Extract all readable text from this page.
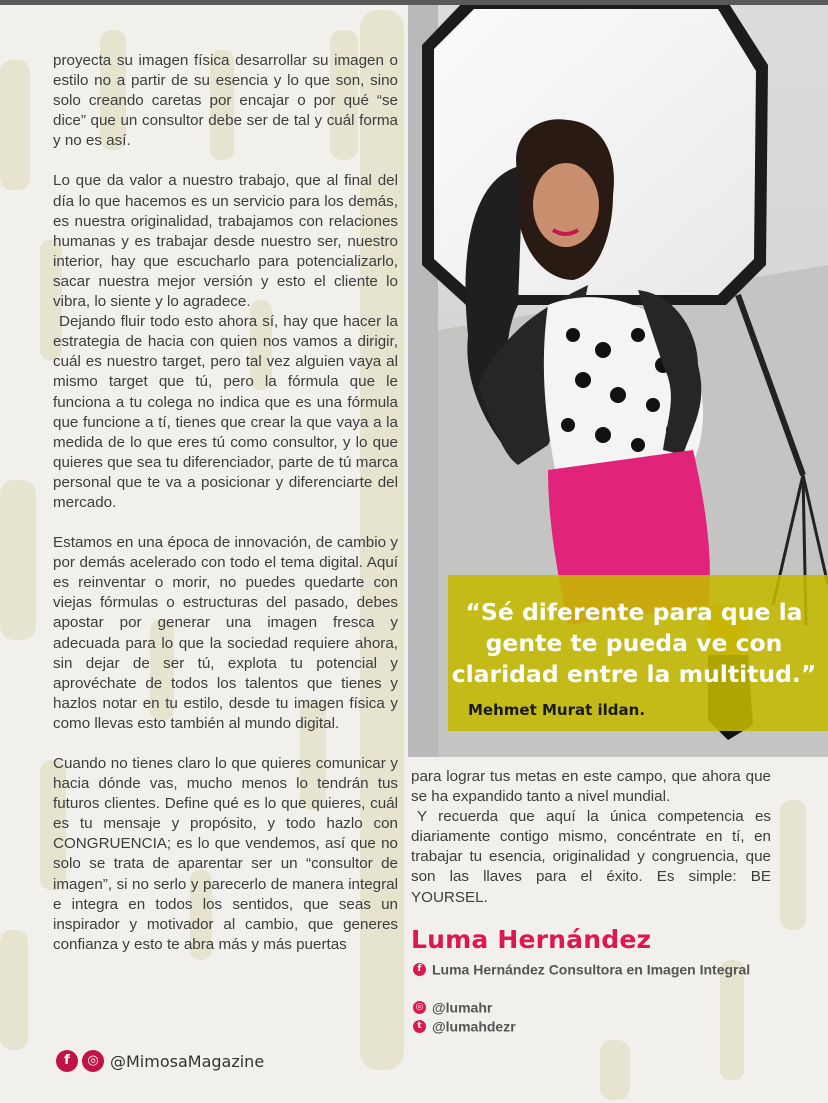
proyecta su imagen física desarrollar su imagen o estilo no a partir de su esencia y lo que son, sino solo creando caretas por encajar o por qué “se dice” que un consultor debe ser de tal y cuál forma y no es así.

Lo que da valor a nuestro trabajo, que al final del día lo que hacemos es un servicio para los demás, es nuestra originalidad, trabajamos con relaciones humanas y es trabajar desde nuestro ser, nuestro interior, hay que escucharlo para potencializarlo, sacar nuestra mejor versión y esto el cliente lo vibra, lo siente y lo agradece.

Dejando fluir todo esto ahora sí, hay que hacer la estrategia de hacia con quien nos vamos a dirigir, cuál es nuestro target, pero tal vez alguien vaya al mismo target que tú, pero la fórmula que le funciona a tu colega no indica que es una fórmula que funcione a tí, tienes que crear la que vaya a la medida de lo que eres tú como consultor, y lo que quieres que sea tu diferenciador, parte de tú marca personal que te va a posicionar y diferenciarte del mercado.

Estamos en una época de innovación, de cambio y por demás acelerado con todo el tema digital. Aquí es reinventar o morir, no puedes quedarte con viejas fórmulas o estructuras del pasado, debes apostar por generar una imagen fresca y adecuada para lo que la sociedad requiere ahora, sin dejar de ser tú, explota tu potencial y aprovéchate de todos los talentos que tienes y hazlos notar en tu estilo, desde tu imagen física y como llevas esto también al mundo digital.

Cuando no tienes claro lo que quieres comunicar y hacia dónde vas, mucho menos lo tendrán tus futuros clientes. Define qué es lo que quieres, cuál es tu mensaje y propósito, y todo hazlo con CONGRUENCIA; es lo que vendemos, así que no solo se trata de aparentar ser un “consultor de imagen”, si no serlo y parecerlo de manera integral e integra en todos los sentidos, que seas un inspirador y motivador al cambio, que generes confianza y esto te abra más y más puertas

“Sé diferente para que la gente te pueda ve con claridad entre la multitud.”

Mehmet Murat ildan.

para lograr tus metas en este campo, que ahora que se ha expandido tanto a nivel mundial.

Y recuerda que aquí la única competencia es diariamente contigo mismo, concéntrate en tí, en trabajar tu esencia, originalidad y congruencia, que son las llaves para el éxito. Es simple: BE YOURSEL.

Luma Hernández
f Luma Hernández Consultora en Imagen Integral
◎ @lumahr
t @lumahdezr
f	◎ @MimosaMagazine
